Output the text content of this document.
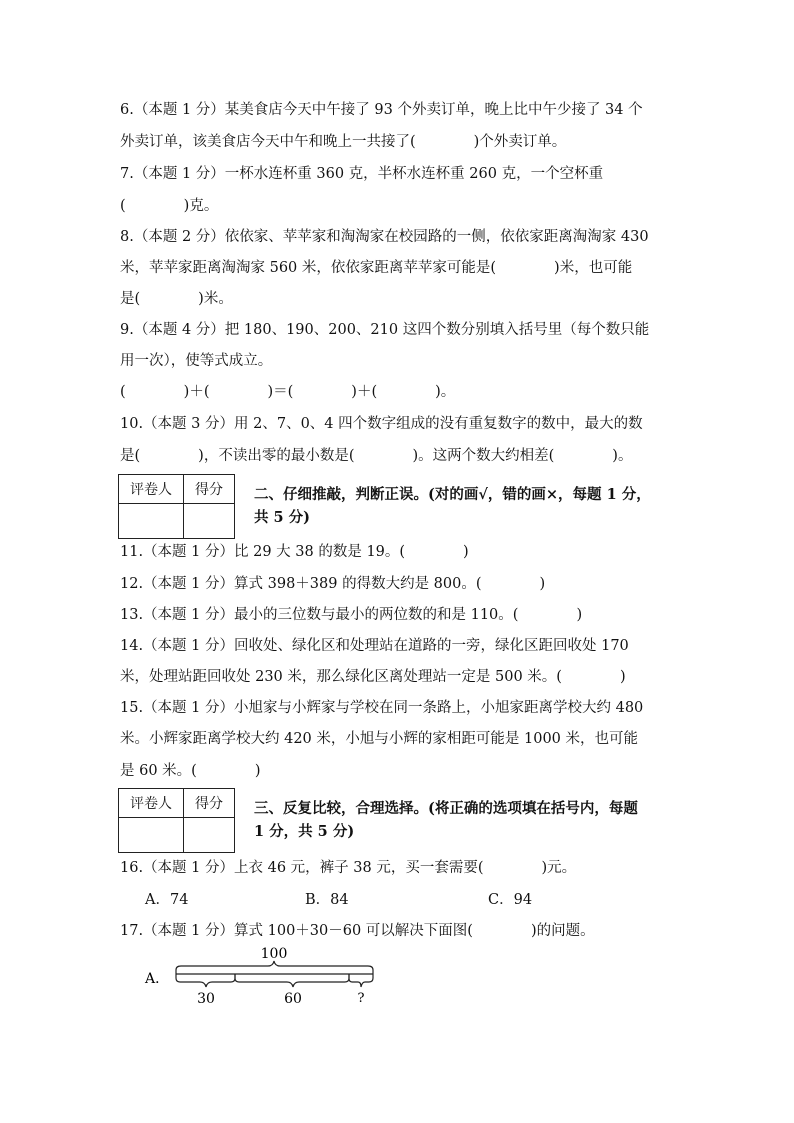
6.（本题 1 分）某美食店今天中午接了 93 个外卖订单，晚上比中午少接了 34 个
外卖订单，该美食店今天中午和晚上一共接了(　　　　)个外卖订单。
7.（本题 1 分）一杯水连杯重 360 克，半杯水连杯重 260 克，一个空杯重
(　　　　)克。
8.（本题 2 分）依依家、苹苹家和淘淘家在校园路的一侧，依依家距离淘淘家 430
米，苹苹家距离淘淘家 560 米，依依家距离苹苹家可能是(　　　　)米，也可能
是(　　　　)米。
9.（本题 4 分）把 180、190、200、210 这四个数分别填入括号里（每个数只能
用一次），使等式成立。
(　　　　)＋(　　　　)＝(　　　　)＋(　　　　)。
10.（本题 3 分）用 2、7、0、4 四个数字组成的没有重复数字的数中，最大的数
是(　　　　)，不读出零的最小数是(　　　　)。这两个数大约相差(　　　　)。
评卷人	得分
	二、仔细推敲，判断正误。(对的画√，错的画×，每题 1 分，
共 5 分)
11.（本题 1 分）比 29 大 38 的数是 19。(　　　　)
12.（本题 1 分）算式 398＋389 的得数大约是 800。(　　　　)
13.（本题 1 分）最小的三位数与最小的两位数的和是 110。(　　　　)
14.（本题 1 分）回收处、绿化区和处理站在道路的一旁，绿化区距回收处 170
米，处理站距回收处 230 米，那么绿化区离处理站一定是 500 米。(　　　　)
15.（本题 1 分）小旭家与小辉家与学校在同一条路上，小旭家距离学校大约 480
米。小辉家距离学校大约 420 米，小旭与小辉的家相距可能是 1000 米，也可能
是 60 米。(　　　　)
评卷人	得分
	三、反复比较，合理选择。(将正确的选项填在括号内，每题
1 分，共 5 分)
16.（本题 1 分）上衣 46 元，裤子 38 元，买一套需要(　　　　)元。
A．74	B．84	C．94
17.（本题 1 分）算式 100＋30－60 可以解决下面图(　　　　)的问题。
A．
100
30	60	?
